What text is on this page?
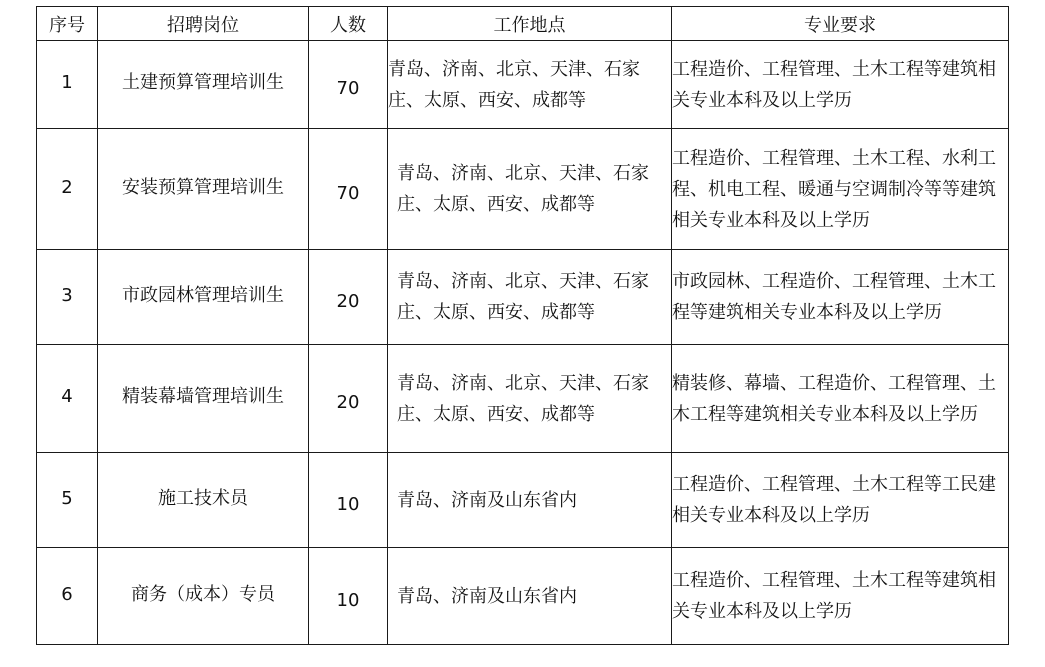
序号	招聘岗位	人数	工作地点	专业要求
1	土建预算管理培训生	70	青岛、济南、北京、天津、石家庄、太原、西安、成都等	工程造价、工程管理、土木工程等建筑相关专业本科及以上学历

2	安装预算管理培训生	70	青岛、济南、北京、天津、石家庄、太原、西安、成都等	工程造价、工程管理、土木工程、水利工程、机电工程、暖通与空调制冷等等建筑相关专业本科及以上学历

3	市政园林管理培训生	20	青岛、济南、北京、天津、石家庄、太原、西安、成都等	市政园林、工程造价、工程管理、土木工程等建筑相关专业本科及以上学历

4	精装幕墙管理培训生	20	青岛、济南、北京、天津、石家庄、太原、西安、成都等	精装修、幕墙、工程造价、工程管理、土木工程等建筑相关专业本科及以上学历

5	施工技术员	10	青岛、济南及山东省内	工程造价、工程管理、土木工程等工民建相关专业本科及以上学历

6	商务（成本）专员	10	青岛、济南及山东省内	工程造价、工程管理、土木工程等建筑相关专业本科及以上学历
